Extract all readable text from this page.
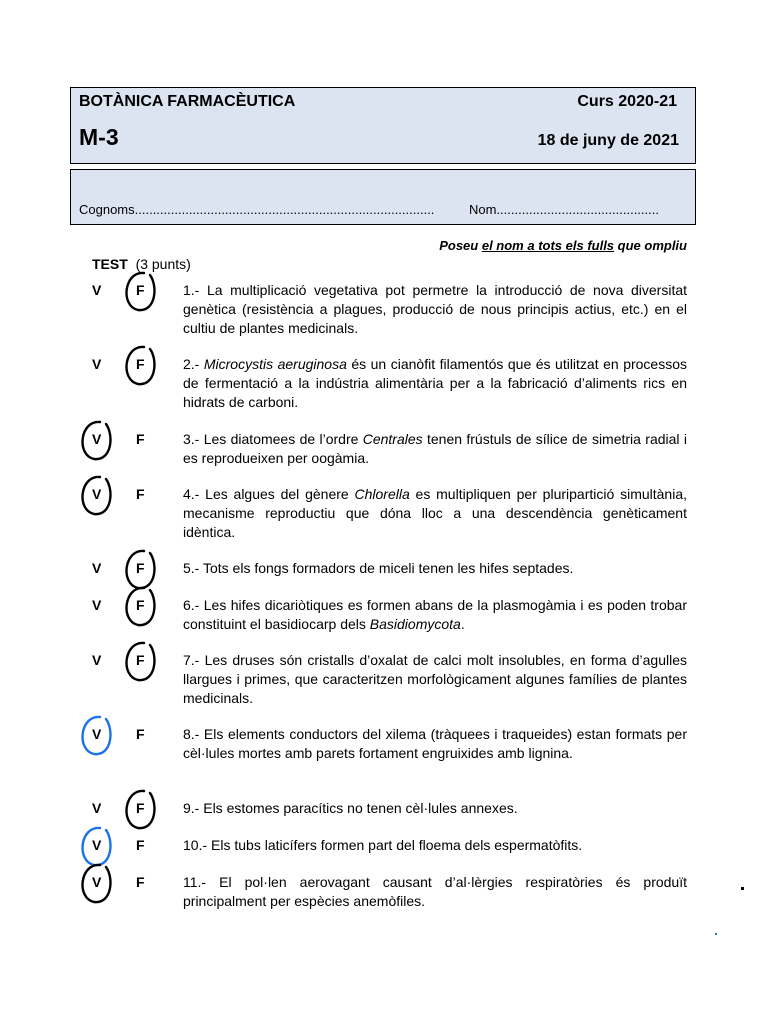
BOTÀNICA FARMACÈUTICA	Curs 2020-21
M-3	18 de juny de 2021
Cognoms...................................................................................	Nom.............................................
Poseu el nom a tots els fulls que ompliu
TEST (3 punts)
V F	1.- La multiplicació vegetativa pot permetre la introducció de nova diversitat genètica (resistència a plagues, producció de nous principis actius, etc.) en el cultiu de plantes medicinals.
V F	2.- Microcystis aeruginosa és un cianòfit filamentós que és utilitzat en processos de fermentació a la indústria alimentària per a la fabricació d’aliments rics en hidrats de carboni.
V F	3.- Les diatomees de l’ordre Centrales tenen frústuls de sílice de simetria radial i es reprodueixen per oogàmia.
V F	4.- Les algues del gènere Chlorella es multipliquen per pluripartició simultània, mecanisme reproductiu que dóna lloc a una descendència genèticament idèntica.
V F	5.- Tots els fongs formadors de miceli tenen les hifes septades.
V F	6.- Les hifes dicariòtiques es formen abans de la plasmogàmia i es poden trobar constituint el basidiocarp dels Basidiomycota.
V F	7.- Les druses són cristalls d’oxalat de calci molt insolubles, en forma d’agulles llargues i primes, que caracteritzen morfològicament algunes famílies de plantes medicinals.
V F	8.- Els elements conductors del xilema (tràquees i traqueides) estan formats per cèl·lules mortes amb parets fortament engruixides amb lignina.
V F	9.- Els estomes paracítics no tenen cèl·lules annexes.
V F	10.- Els tubs laticífers formen part del floema dels espermatòfits.
V F	11.- El pol·len aerovagant causant d’al·lèrgies respiratòries és produït principalment per espècies anemòfiles.
